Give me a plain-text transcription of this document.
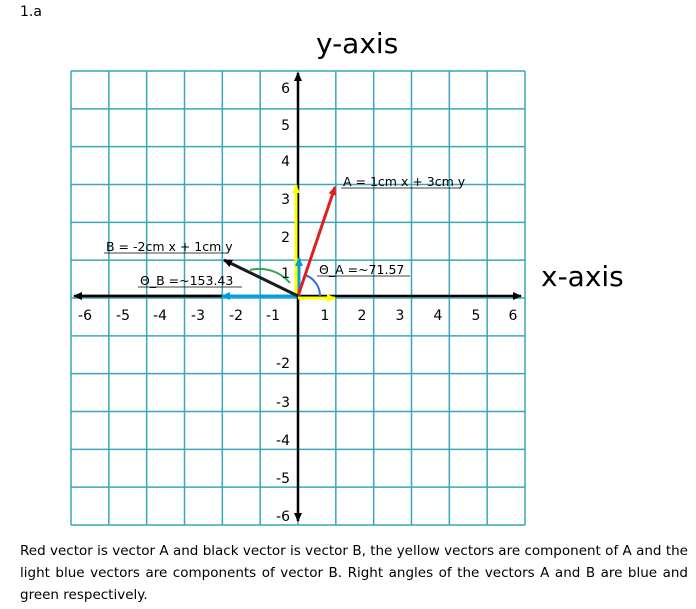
1.a
y-axis
x-axis
-6 -5 -4 -3 -2 -1	1 2 3 4 5 6
6
5
4
3
2
1
-2
-3
-4
-5
-6
A = 1cm x + 3cm y
B = -2cm x + 1cm y
Θ_A =~71.57
Θ_B =~153.43
Red vector is vector A and black vector is vector B, the yellow vectors are component of A and the light blue vectors are components of vector B. Right angles of the vectors A and B are blue and green respectively.
